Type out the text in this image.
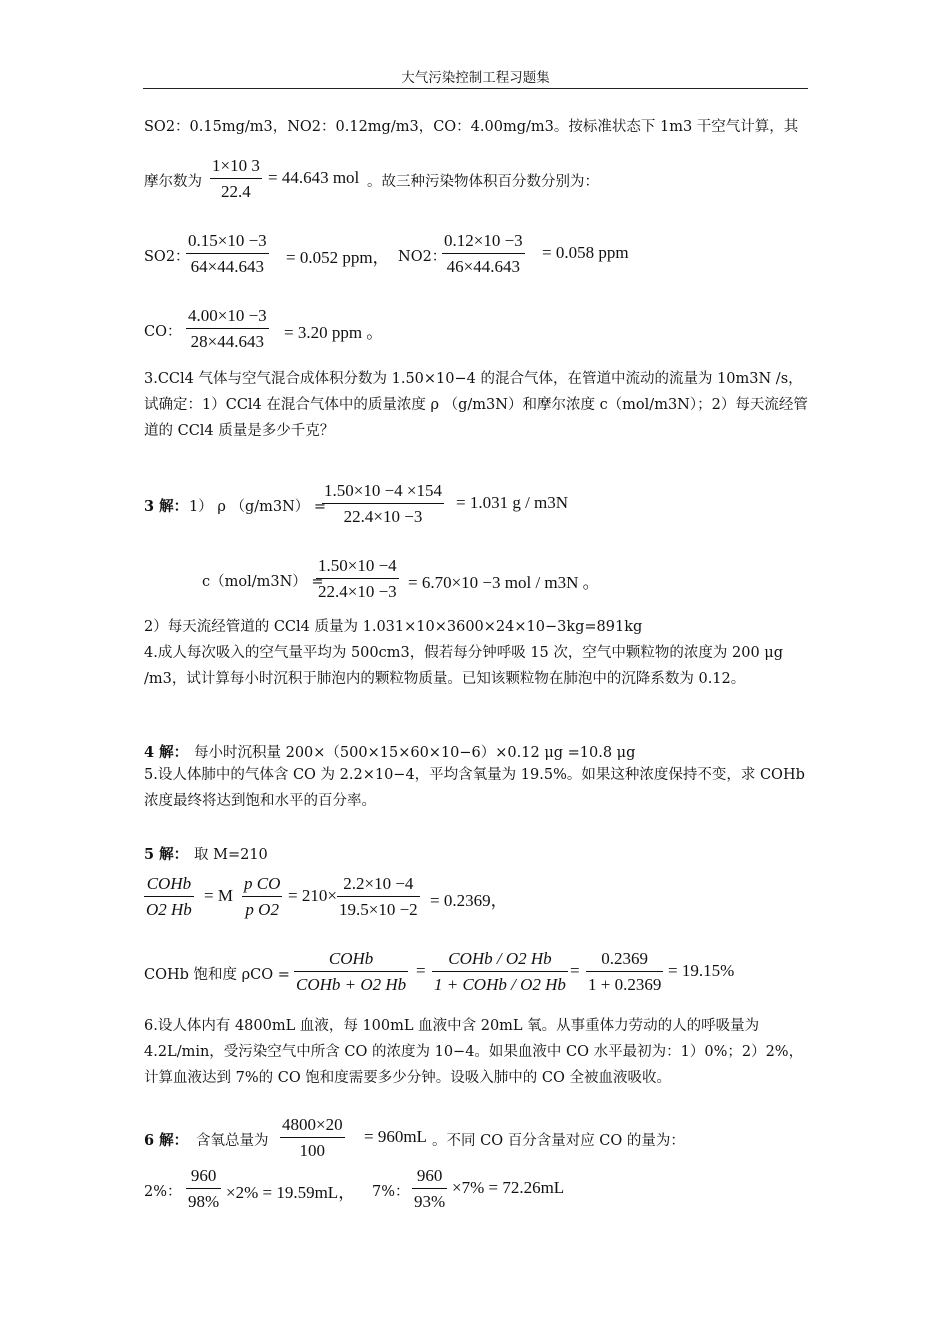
大气污染控制工程习题集
SO2：0.15mg/m3，NO2：0.12mg/m3，CO：4.00mg/m3。按标准状态下 1m3 干空气计算，其
摩尔数为 $\frac{1\times 10 3}{22.4} = 44.643$ mol 。故三种污染物体积百分数分别为：
SO2：
$\frac{0.15\times 10 -3}{64\times 44.643} = 0.052$ ppm， NO2：
$\frac{0.12\times 10 -3}{46\times 44.643} = 0.058$ ppm
CO： $\frac{4.00\times 10 -3}{28\times 44.643} = 3.20$ ppm 。
3.CCl4 气体与空气混合成体积分数为 1.50×10−4 的混合气体，在管道中流动的流量为 10m3N /s，试确定：1）CCl4 在混合气体中的质量浓度 ρ （g/m3N）和摩尔浓度 c（mol/m3N）；2）每天流经管道的 CCl4 质量是多少千克？
3 解： 1） ρ （g/m3N） =
$\frac{1.50\times 10 -4 \times 154}{22.4\times 10 -3} = 1.031$ g / m3N
c（mol/m3N） =
$\frac{1.50\times 10 -4}{22.4\times 10 -3} = 6.70\times 10 -3$ mol / m3N 。
2）每天流经管道的 CCl4 质量为 1.031×10×3600×24×10−3kg=891kg
4.成人每次吸入的空气量平均为 500cm3，假若每分钟呼吸 15 次，空气中颗粒物的浓度为 200 μg /m3，试计算每小时沉积于肺泡内的颗粒物质量。已知该颗粒物在肺泡中的沉降系数为 0.12。
4 解： 每小时沉积量 200×（500×15×60×10−6）×0.12 μg =10.8 μg
5.设人体肺中的气体含 CO 为 2.2×10−4，平均含氧量为 19.5%。如果这种浓度保持不变，求 COHb 浓度最终将达到饱和水平的百分率。
5 解： 取 M=210
COHb
O2 Hb
= M $\frac{\text{p CO}}{\text{p O2}} = 210\times \frac{2.2\times 10 -4}{19.5\times 10 -2} = 0.2369$，
COHb 饱和度 ρCO =
COHb
COHb + O2 Hb
=
COHb / O2 Hb
1 + COHb / O2 Hb
= $\frac{0.2369}{1 + 0.2369} = 19.15\%$
6.设人体内有 4800mL 血液，每 100mL 血液中含 20mL 氧。从事重体力劳动的人的呼吸量为 4.2L/min，受污染空气中所含 CO 的浓度为 10−4。如果血液中 CO 水平最初为：1）0%；2）2%，计算血液达到 7%的 CO 饱和度需要多少分钟。设吸入肺中的 CO 全被血液吸收。
6 解： 含氧总量为 $\frac{4800\times 20}{100} = 960mL$ 。不同 CO 百分含量对应 CO 的量为：
2%： $\frac{960}{98\%} \times 2\% = 19.59mL$， 7%： $\frac{960}{93\%} \times 7\% = 72.26mL$
